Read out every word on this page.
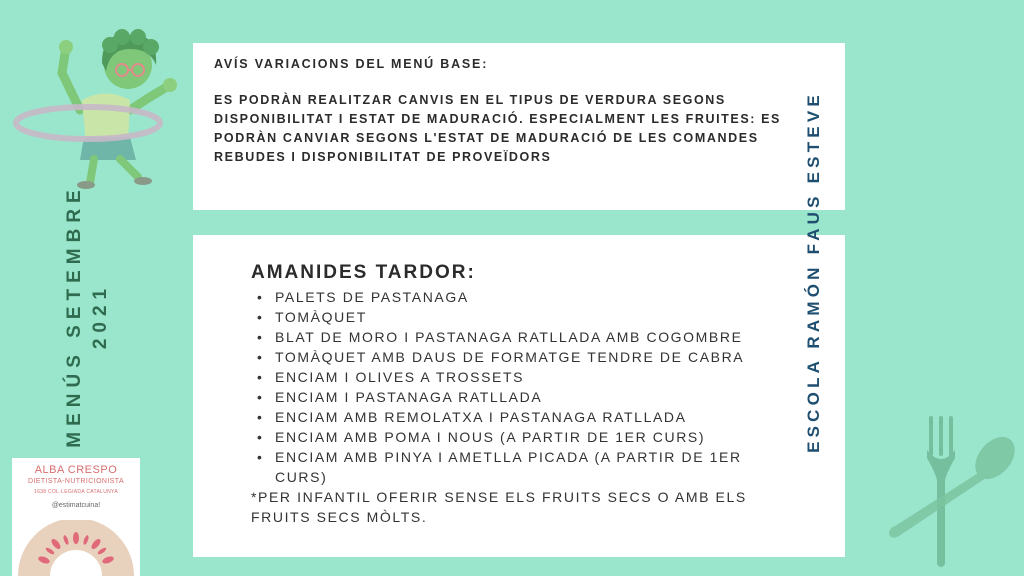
MENÚS SETEMBRE 2021
AVÍS VARIACIONS DEL MENÚ BASE:
ES PODRÀN REALITZAR CANVIS EN EL TIPUS DE VERDURA SEGONS DISPONIBILITAT I ESTAT DE MADURACIÓ. ESPECIALMENT LES FRUITES: ES PODRÀN CANVIAR SEGONS L'ESTAT DE MADURACIÓ DE LES COMANDES REBUDES I DISPONIBILITAT DE PROVEÏDORS
AMANIDES TARDOR:
• PALETS DE PASTANAGA
• TOMÀQUET
• BLAT DE MORO I PASTANAGA RATLLADA AMB COGOMBRE
• TOMÀQUET AMB DAUS DE FORMATGE TENDRE DE CABRA
• ENCIAM I OLIVES A TROSSETS
• ENCIAM I PASTANAGA RATLLADA
• ENCIAM AMB REMOLATXA I PASTANAGA RATLLADA
• ENCIAM AMB POMA I NOUS (A PARTIR DE 1ER CURS)
• ENCIAM AMB PINYA I AMETLLA PICADA (A PARTIR DE 1ER CURS)
*PER INFANTIL OFERIR SENSE ELS FRUITS SECS O AMB ELS FRUITS SECS MÒLTS.
ESCOLA RAMÓN FAUS ESTEVE
ALBA CRESPO
DIETISTA-NUTRICIONISTA
1638 COL·LEGIADA CATALUNYA
@estimatcuina!
